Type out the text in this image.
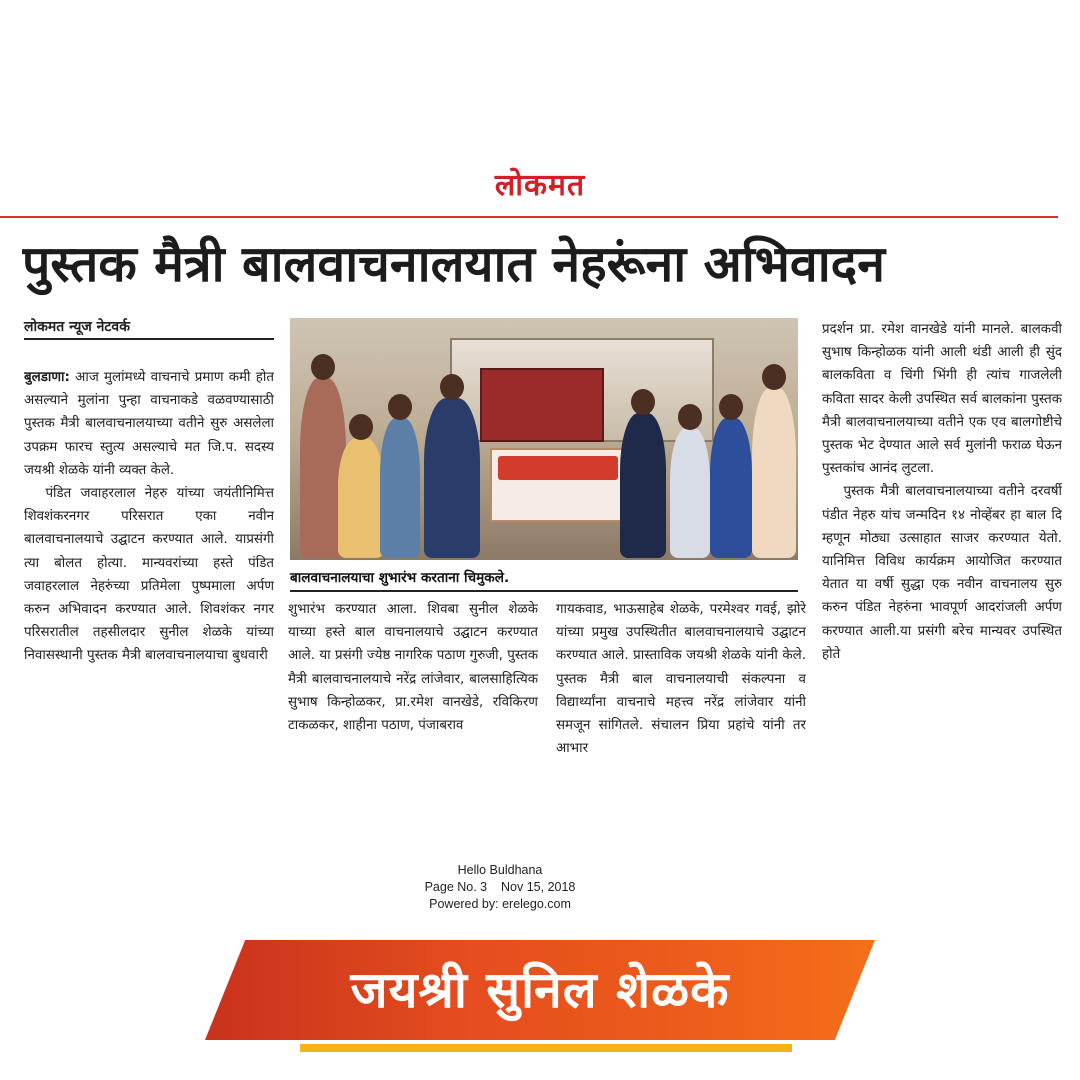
लोकमत
पुस्तक मैत्री बालवाचनालयात नेहरूंना अभिवादन
लोकमत न्यूज नेटवर्क

बुलडाणा: आज मुलांमध्ये वाचनाचे प्रमाण कमी होत असल्याने मुलांना पुन्हा वाचनाकडे वळवण्यासाठी पुस्तक मैत्री बालवाचनालयाच्या वतीने सुरु असलेला उपक्रम फारच स्तुत्य असल्याचे मत जि.प. सदस्य जयश्री शेळके यांनी व्यक्त केले.

पंडित जवाहरलाल नेहरु यांच्या जयंतीनिमित्त शिवशंकरनगर परिसरात एका नवीन बालवाचनालयाचे उद्घाटन करण्यात आले. याप्रसंगी त्या बोलत होत्या. मान्यवरांच्या हस्ते पंडित जवाहरलाल नेहरुंच्या प्रतिमेला पुष्पमाला अर्पण करुन अभिवादन करण्यात आले. शिवशंकर नगर परिसरातील तहसीलदार सुनील शेळके यांच्या निवासस्थानी पुस्तक मैत्री बालवाचनालयाचा बुधवारी

बालवाचनालयाचा शुभारंभ करताना चिमुकले.

शुभारंभ करण्यात आला. शिवबा सुनील शेळके याच्या हस्ते बाल वाचनालयाचे उद्घाटन करण्यात आले. या प्रसंगी ज्येष्ठ नागरिक पठाण गुरुजी, पुस्तक मैत्री बालवाचनालयाचे नरेंद्र लांजेवार, बालसाहित्यिक सुभाष किन्होळकर, प्रा.रमेश वानखेडे, रविकिरण टाकळकर, शाहीना पठाण, पंजाबराव

गायकवाड, भाऊसाहेब शेळके, परमेश्वर गवई, झोरे यांच्या प्रमुख उपस्थितीत बालवाचनालयाचे उद्घाटन करण्यात आले. प्रास्ताविक जयश्री शेळके यांनी केले. पुस्तक मैत्री बाल वाचनालयाची संकल्पना व विद्यार्थ्यांना वाचनाचे महत्त्व नरेंद्र लांजेवार यांनी समजून सांगितले. संचालन प्रिया प्रहांचे यांनी तर आभार

प्रदर्शन प्रा. रमेश वानखेडे यांनी मानले. बालकवी सुभाष किन्होळक यांनी आली थंडी आली ही सुंद बालकविता व चिंगी भिंगी ही त्यांच गाजलेली कविता सादर केली उपस्थित सर्व बालकांना पुस्तक मैत्री बालवाचनालयाच्या वतीने एक एव बालगोष्टीचे पुस्तक भेट देण्यात आले सर्व मुलांनी फराळ घेऊन पुस्तकांच आनंद लुटला.

पुस्तक मैत्री बालवाचनालयाच्या वतीने दरवर्षी पंडीत नेहरु यांच जन्मदिन १४ नोव्हेंबर हा बाल दि म्हणून मोठ्या उत्साहात साजर करण्यात येतो. यानिमित्त विविध कार्यक्रम आयोजित करण्यात येतात या वर्षी सुद्धा एक नवीन वाचनालय सुरु करुन पंडित नेहरुंना भावपूर्ण आदरांजली अर्पण करण्यात आली.या प्रसंगी बरेच मान्यवर उपस्थित होते

Hello Buldhana
Page No. 3    Nov 15, 2018
Powered by: erelego.com
जयश्री सुनिल शेळके
